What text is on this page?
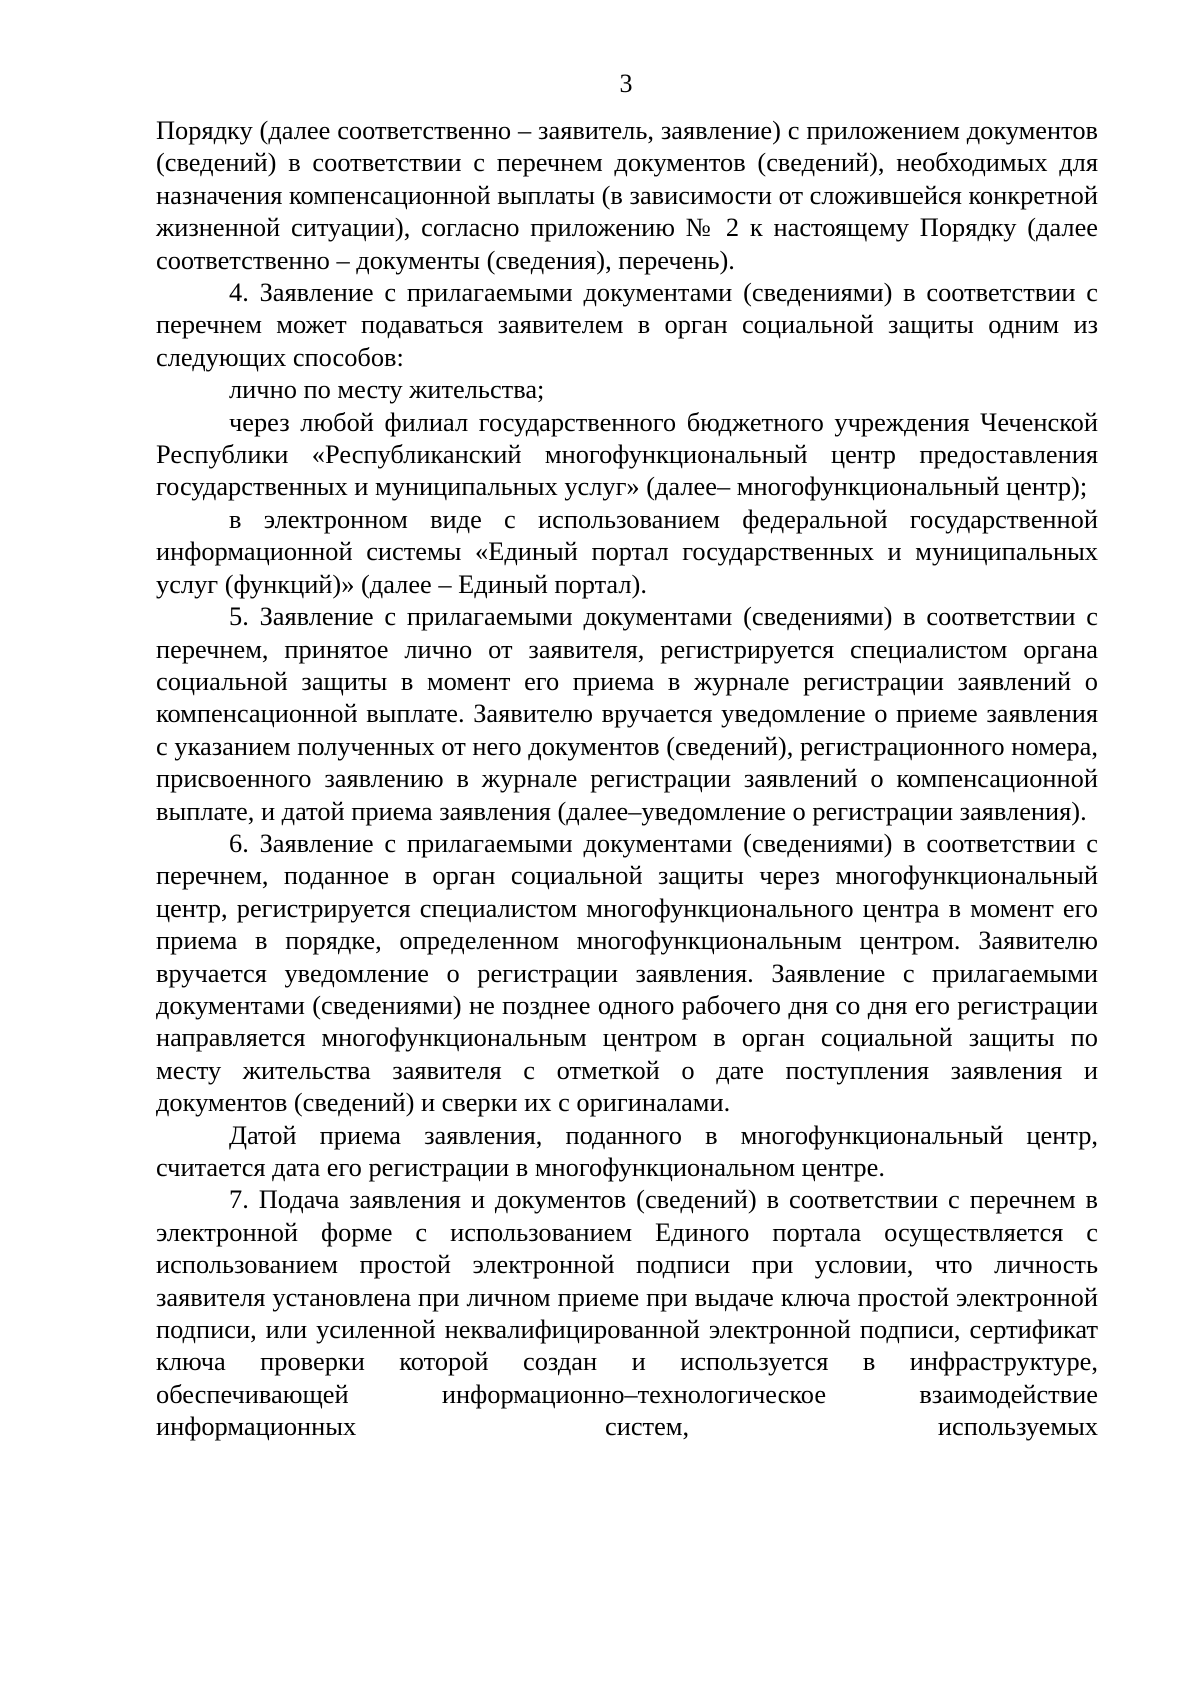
3

Порядку (далее соответственно – заявитель, заявление) с приложением документов (сведений) в соответствии с перечнем документов (сведений), необходимых для назначения компенсационной выплаты (в зависимости от сложившейся конкретной жизненной ситуации), согласно приложению № 2 к настоящему Порядку (далее соответственно – документы (сведения), перечень).

4. Заявление с прилагаемыми документами (сведениями) в соответствии с перечнем может подаваться заявителем в орган социальной защиты одним из следующих способов:

лично по месту жительства;

через любой филиал государственного бюджетного учреждения Чеченской Республики «Республиканский многофункциональный центр предоставления государственных и муниципальных услуг» (далее– многофункциональный центр);

в электронном виде с использованием федеральной государственной информационной системы «Единый портал государственных и муниципальных услуг (функций)» (далее – Единый портал).

5. Заявление с прилагаемыми документами (сведениями) в соответствии с перечнем, принятое лично от заявителя, регистрируется специалистом органа социальной защиты в момент его приема в журнале регистрации заявлений о компенсационной выплате. Заявителю вручается уведомление о приеме заявления с указанием полученных от него документов (сведений), регистрационного номера, присвоенного заявлению в журнале регистрации заявлений о компенсационной выплате, и датой приема заявления (далее–уведомление о регистрации заявления).

6. Заявление с прилагаемыми документами (сведениями) в соответствии с перечнем, поданное в орган социальной защиты через многофункциональный центр, регистрируется специалистом многофункционального центра в момент его приема в порядке, определенном многофункциональным центром. Заявителю вручается уведомление о регистрации заявления. Заявление с прилагаемыми документами (сведениями) не позднее одного рабочего дня со дня его регистрации направляется многофункциональным центром в орган социальной защиты по месту жительства заявителя с отметкой о дате поступления заявления и документов (сведений) и сверки их с оригиналами.

Датой приема заявления, поданного в многофункциональный центр, считается дата его регистрации в многофункциональном центре.

7. Подача заявления и документов (сведений) в соответствии с перечнем в электронной форме с использованием Единого портала осуществляется с использованием простой электронной подписи при условии, что личность заявителя установлена при личном приеме при выдаче ключа простой электронной подписи, или усиленной неквалифицированной электронной подписи, сертификат ключа проверки которой создан и используется в инфраструктуре, обеспечивающей информационно–технологическое взаимодействие информационных систем, используемых
